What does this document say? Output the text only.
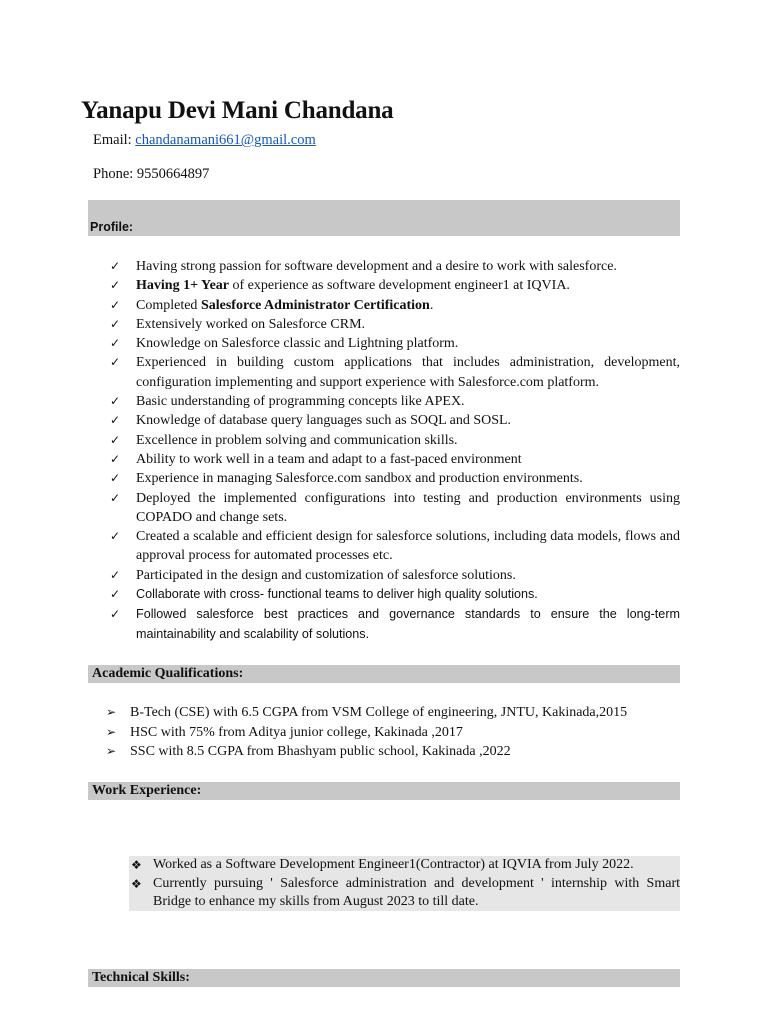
Yanapu Devi Mani Chandana
Email: chandanamani661@gmail.com
Phone: 9550664897
Profile:
✓ Having strong passion for software development and a desire to work with salesforce.
✓ Having 1+ Year of experience as software development engineer1 at IQVIA.
✓ Completed Salesforce Administrator Certification.
✓ Extensively worked on Salesforce CRM.
✓ Knowledge on Salesforce classic and Lightning platform.
✓ Experienced in building custom applications that includes administration, development, configuration implementing and support experience with Salesforce.com platform.
✓ Basic understanding of programming concepts like APEX.
✓ Knowledge of database query languages such as SOQL and SOSL.
✓ Excellence in problem solving and communication skills.
✓ Ability to work well in a team and adapt to a fast-paced environment
✓ Experience in managing Salesforce.com sandbox and production environments.
✓ Deployed the implemented configurations into testing and production environments using COPADO and change sets.
✓ Created a scalable and efficient design for salesforce solutions, including data models, flows and approval process for automated processes etc.
✓ Participated in the design and customization of salesforce solutions.
✓	Collaborate with cross- functional teams to deliver high quality solutions.
✓	Followed salesforce best practices and governance standards to ensure the long-term maintainability and scalability of solutions.
Academic Qualifications:
➢ B-Tech (CSE) with 6.5 CGPA from VSM College of engineering, JNTU, Kakinada,2015
➢ HSC with 75% from Aditya junior college, Kakinada ,2017
➢ SSC with 8.5 CGPA from Bhashyam public school, Kakinada ,2022
Work Experience:
❖ Worked as a Software Development Engineer1(Contractor) at IQVIA from July 2022.
❖ Currently pursuing ' Salesforce administration and development ' internship with Smart Bridge to enhance my skills from August 2023 to till date.
Technical Skills:
